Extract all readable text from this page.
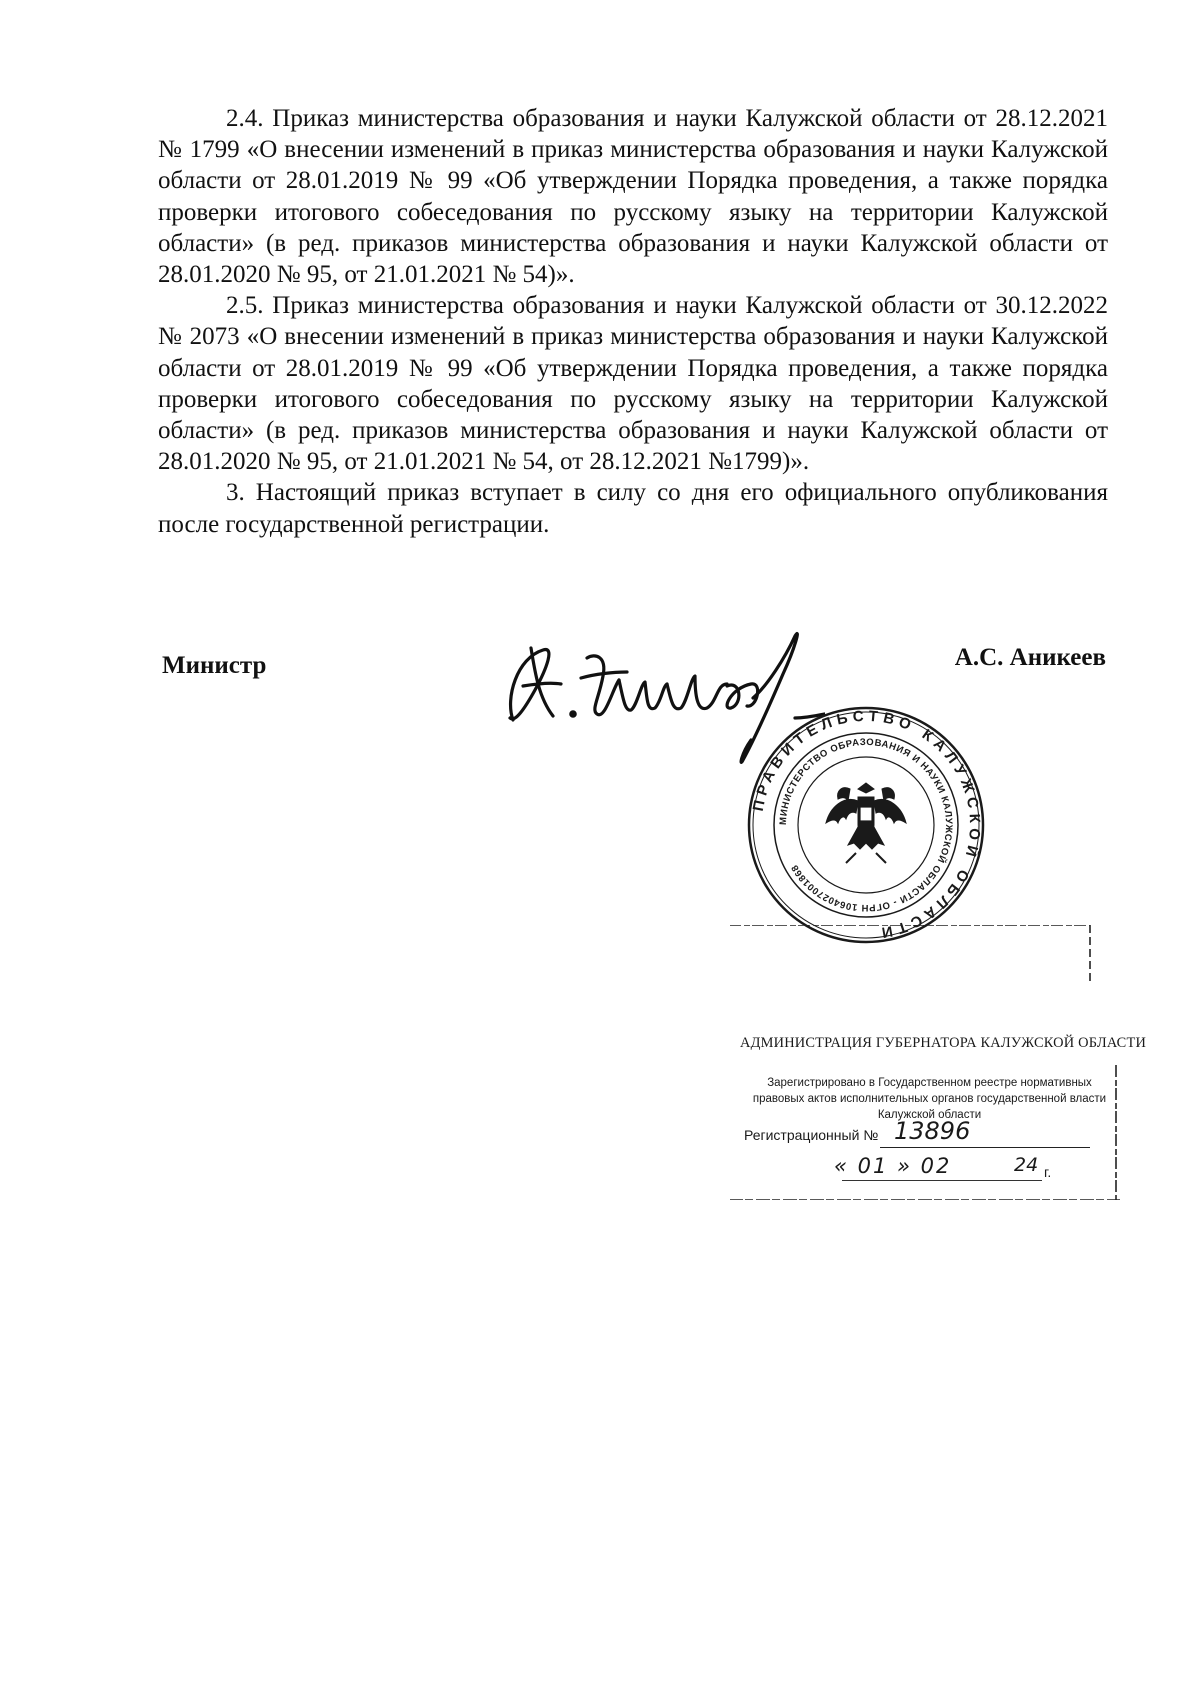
2.4. Приказ министерства образования и науки Калужской области от 28.12.2021 № 1799 «О внесении изменений в приказ министерства образования и науки Калужской области от 28.01.2019 № 99 «Об утверждении Порядка проведения, а также порядка проверки итогового собеседования по русскому языку на территории Калужской области» (в ред. приказов министерства образования и науки Калужской области от 28.01.2020 № 95, от 21.01.2021 № 54)».

2.5. Приказ министерства образования и науки Калужской области от 30.12.2022 № 2073 «О внесении изменений в приказ министерства образования и науки Калужской области от 28.01.2019 № 99 «Об утверждении Порядка проведения, а также порядка проверки итогового собеседования по русскому языку на территории Калужской области» (в ред. приказов министерства образования и науки Калужской области от 28.01.2020 № 95, от 21.01.2021 № 54, от 28.12.2021 №1799)».

3. Настоящий приказ вступает в силу со дня его официального опубликования после государственной регистрации.

Министр	А.С. Аникеев
ПРАВИТЕЛЬСТВО КАЛУЖСКОЙ ОБЛАСТИ
МИНИСТЕРСТВО ОБРАЗОВАНИЯ И НАУКИ КАЛУЖСКОЙ ОБЛАСТИ - ОГРН 1064027001868
АДМИНИСТРАЦИЯ ГУБЕРНАТОРА КАЛУЖСКОЙ ОБЛАСТИ
Зарегистрировано в Государственном реестре нормативных
правовых актов исполнительных органов государственной власти
Калужской области
Регистрационный № 13896
« 01 » 02	24 г.
